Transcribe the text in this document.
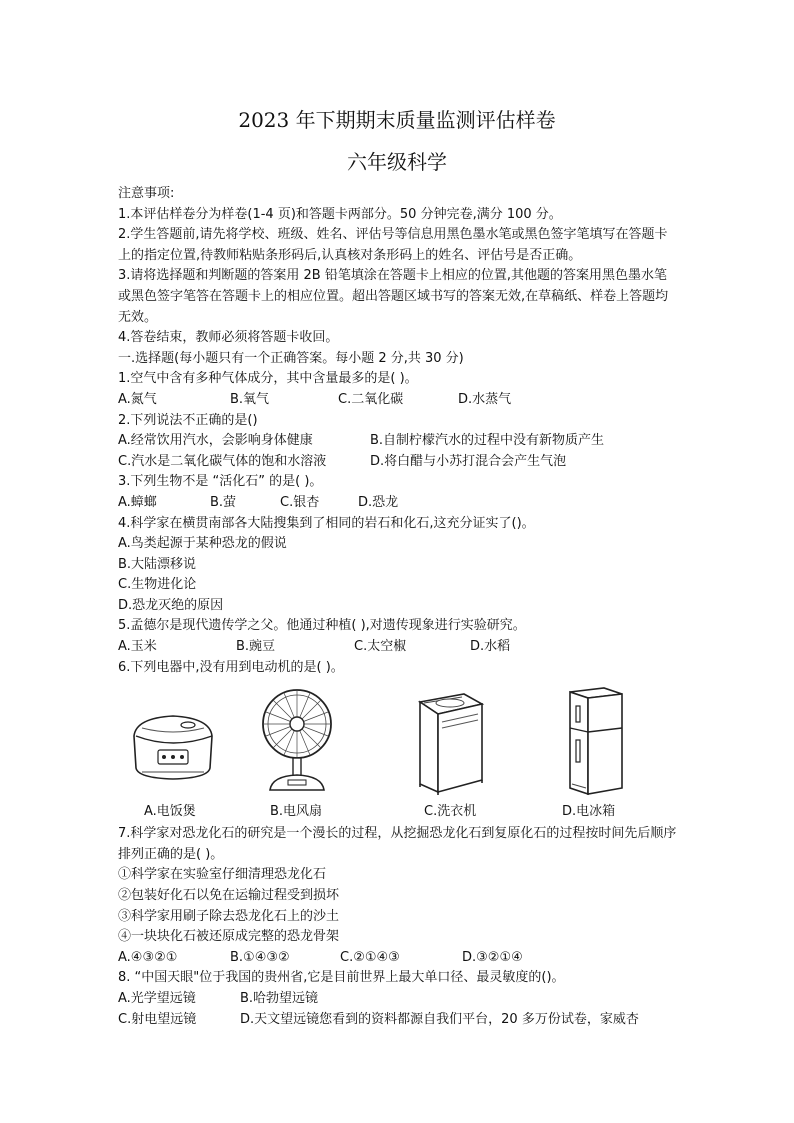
2023 年下期期末质量监测评估样卷
六年级科学
注意事项:
1.本评估样卷分为样卷(1-4 页)和答题卡两部分。50 分钟完卷,满分 100 分。
2.学生答题前,请先将学校、班级、姓名、评估号等信息用黑色墨水笔或黑色签字笔填写在答题卡上的指定位置,待教师粘贴条形码后,认真核对条形码上的姓名、评估号是否正确。
3.请将选择题和判断题的答案用 2B 铅笔填涂在答题卡上相应的位置,其他题的答案用黑色墨水笔或黑色签字笔答在答题卡上的相应位置。超出答题区域书写的答案无效,在草稿纸、样卷上答题均无效。
4.答卷结束，教师必须将答题卡收回。
一.选择题(每小题只有一个正确答案。每小题 2 分,共 30 分)
1.空气中含有多种气体成分，其中含量最多的是( )。
A.氮气	B.氧气	C.二氧化碳	D.水蒸气
2.下列说法不正确的是()
A.经常饮用汽水，会影响身体健康	B.自制柠檬汽水的过程中没有新物质产生
C.汽水是二氧化碳气体的饱和水溶液	D.将白醋与小苏打混合会产生气泡
3.下列生物不是 “活化石” 的是( )。
A.蟑螂	B.萤	C.银杏	D.恐龙
4.科学家在横贯南部各大陆搜集到了相同的岩石和化石,这充分证实了()。
A.鸟类起源于某种恐龙的假说
B.大陆漂移说
C.生物进化论
D.恐龙灭绝的原因
5.孟德尔是现代遗传学之父。他通过种植( ),对遗传现象进行实验研究。
A.玉米	B.豌豆	C.太空椒	D.水稻
6.下列电器中,没有用到电动机的是( )。
A.电饭煲	B.电风扇	C.洗衣机	D.电冰箱
7.科学家对恐龙化石的研究是一个漫长的过程，从挖掘恐龙化石到复原化石的过程按时间先后顺序排列正确的是( )。
①科学家在实验室仔细清理恐龙化石
②包装好化石以免在运输过程受到损坏
③科学家用刷子除去恐龙化石上的沙土
④一块块化石被还原成完整的恐龙骨架
A.④③②①	B.①④③②	C.②①④③	D.③②①④
8. “中国天眼"位于我国的贵州省,它是目前世界上最大单口径、最灵敏度的()。
A.光学望远镜	B.哈勃望远镜
C.射电望远镜	D.天文望远镜您看到的资料都源自我们平台，20 多万份试卷，家威杏
